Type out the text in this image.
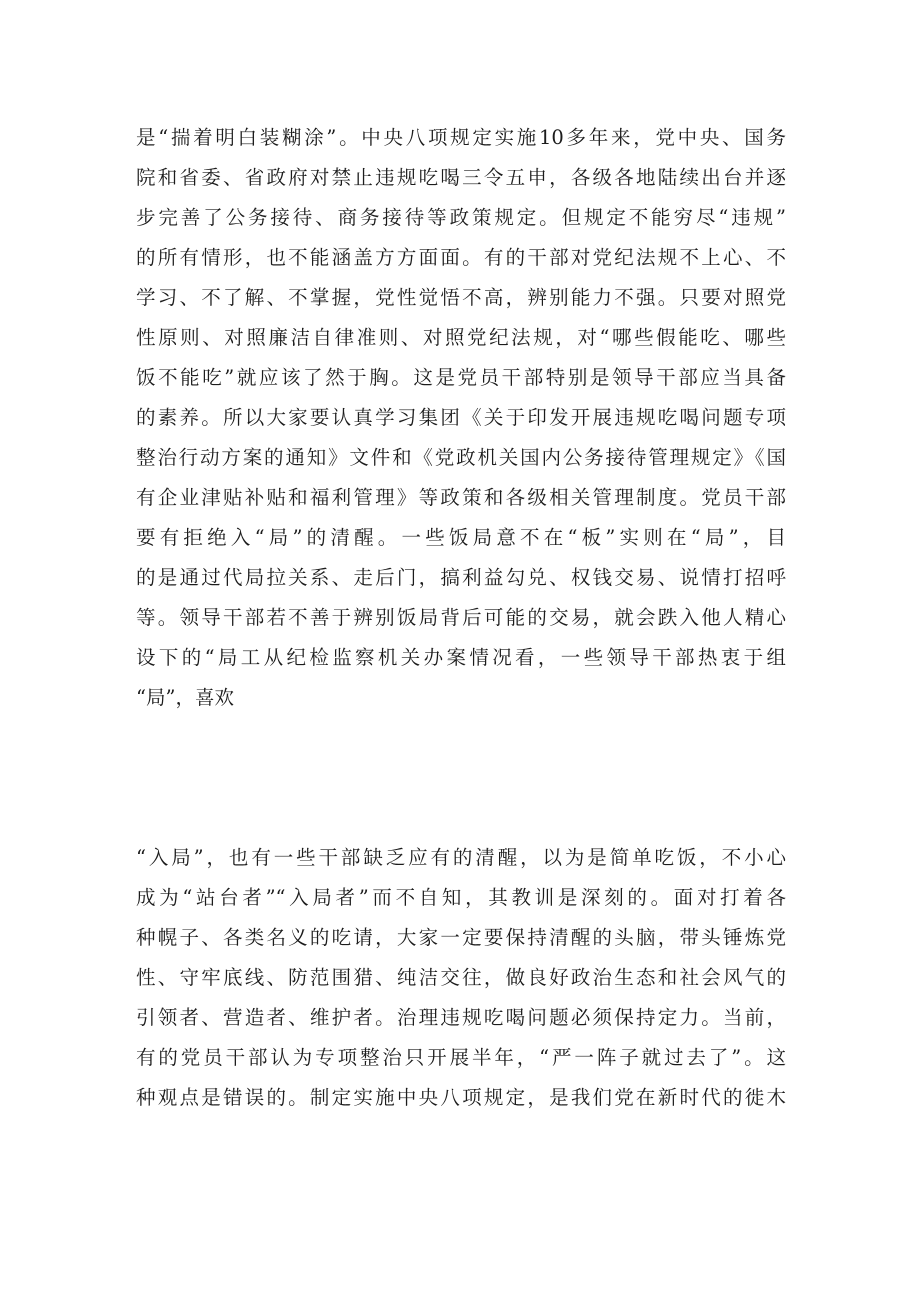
是“揣着明白装糊涂”。中央八项规定实施10多年来，党中央、国务
院和省委、省政府对禁止违规吃喝三令五申，各级各地陆续出台并逐
步完善了公务接待、商务接待等政策规定。但规定不能穷尽“违规”
的所有情形，也不能涵盖方方面面。有的干部对党纪法规不上心、不
学习、不了解、不掌握，党性觉悟不高，辨别能力不强。只要对照党
性原则、对照廉洁自律准则、对照党纪法规，对“哪些假能吃、哪些
饭不能吃”就应该了然于胸。这是党员干部特别是领导干部应当具备
的素养。所以大家要认真学习集团《关于印发开展违规吃喝问题专项
整治行动方案的通知》文件和《党政机关国内公务接待管理规定》《国
有企业津贴补贴和福利管理》等政策和各级相关管理制度。党员干部
要有拒绝入“局”的清醒。一些饭局意不在“板”实则在“局”，目
的是通过代局拉关系、走后门，搞利益勾兑、权钱交易、说情打招呼
等。领导干部若不善于辨别饭局背后可能的交易，就会跌入他人精心
设下的“局工从纪检监察机关办案情况看，一些领导干部热衷于组
“局”，喜欢
“入局”，也有一些干部缺乏应有的清醒，以为是简单吃饭，不小心
成为“站台者”“入局者”而不自知，其教训是深刻的。面对打着各
种幌子、各类名义的吃请，大家一定要保持清醒的头脑，带头锤炼党
性、守牢底线、防范围猎、纯洁交往，做良好政治生态和社会风气的
引领者、营造者、维护者。治理违规吃喝问题必须保持定力。当前，
有的党员干部认为专项整治只开展半年，“严一阵子就过去了”。这
种观点是错误的。制定实施中央八项规定，是我们党在新时代的徙木
